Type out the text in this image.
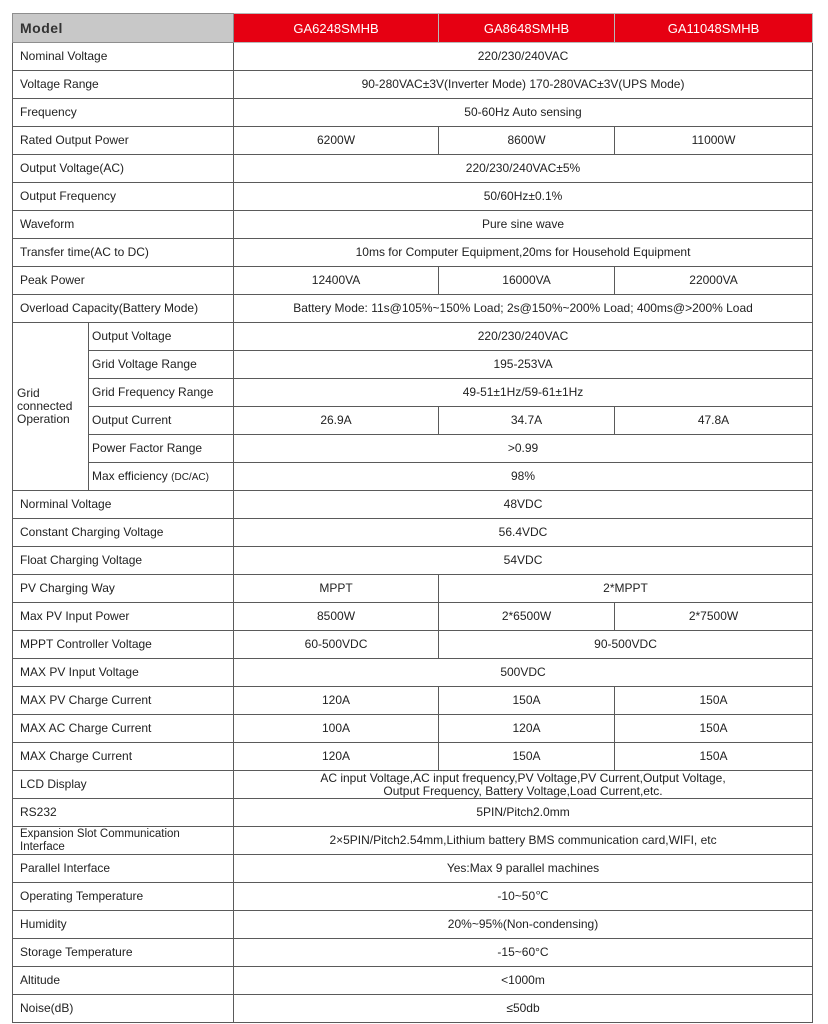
Model		GA6248SMHB	GA8648SMHB	GA11048SMHB
Nominal Voltage		220/230/240VAC		
Voltage Range		90-280VAC±3V(Inverter Mode) 170-280VAC±3V(UPS Mode)		
Frequency		50-60Hz Auto sensing		
Rated Output Power		6200W	8600W	11000W
Output Voltage(AC)		220/230/240VAC±5%		
Output Frequency		50/60Hz±0.1%		
Waveform		Pure sine wave		
Transfer time(AC to DC)		10ms for Computer Equipment,20ms for Household Equipment		
Peak Power		12400VA	16000VA	22000VA
Overload Capacity(Battery Mode)		Battery Mode: 11s@105%~150% Load; 2s@150%~200% Load; 400ms@>200% Load		

Grid
connected
Operation	Output Voltage	220/230/240VAC		
	Grid Voltage Range	195-253VA		
	Grid Frequency Range	49-51±1Hz/59-61±1Hz		
	Output Current	26.9A	34.7A	47.8A
	Power Factor Range	>0.99		
	Max efficiency (DC/AC)	98%		
Norminal Voltage		48VDC		
Constant Charging Voltage		56.4VDC		
Float Charging Voltage		54VDC		
PV Charging Way		MPPT	2*MPPT	
Max PV Input Power		8500W	2*6500W	2*7500W
MPPT Controller Voltage		60-500VDC	90-500VDC	
MAX PV Input Voltage		500VDC		
MAX PV Charge Current		120A	150A	150A
MAX AC Charge Current		100A	120A	150A
MAX Charge Current		120A	150A	150A
LCD Display		AC input Voltage,AC input frequency,PV Voltage,PV Current,Output Voltage,
Output Frequency, Battery Voltage,Load Current,etc.		

RS232		5PIN/Pitch2.0mm		

Expansion Slot Communication
Interface		2×5PIN/Pitch2.54mm,Lithium battery BMS communication card,WIFI, etc		
Parallel Interface		Yes:Max 9 parallel machines		
Operating Temperature		-10~50℃		
Humidity		20%~95%(Non-condensing)		
Storage Temperature		-15~60°C		
Altitude		<1000m		
Noise(dB)		≤50db		
